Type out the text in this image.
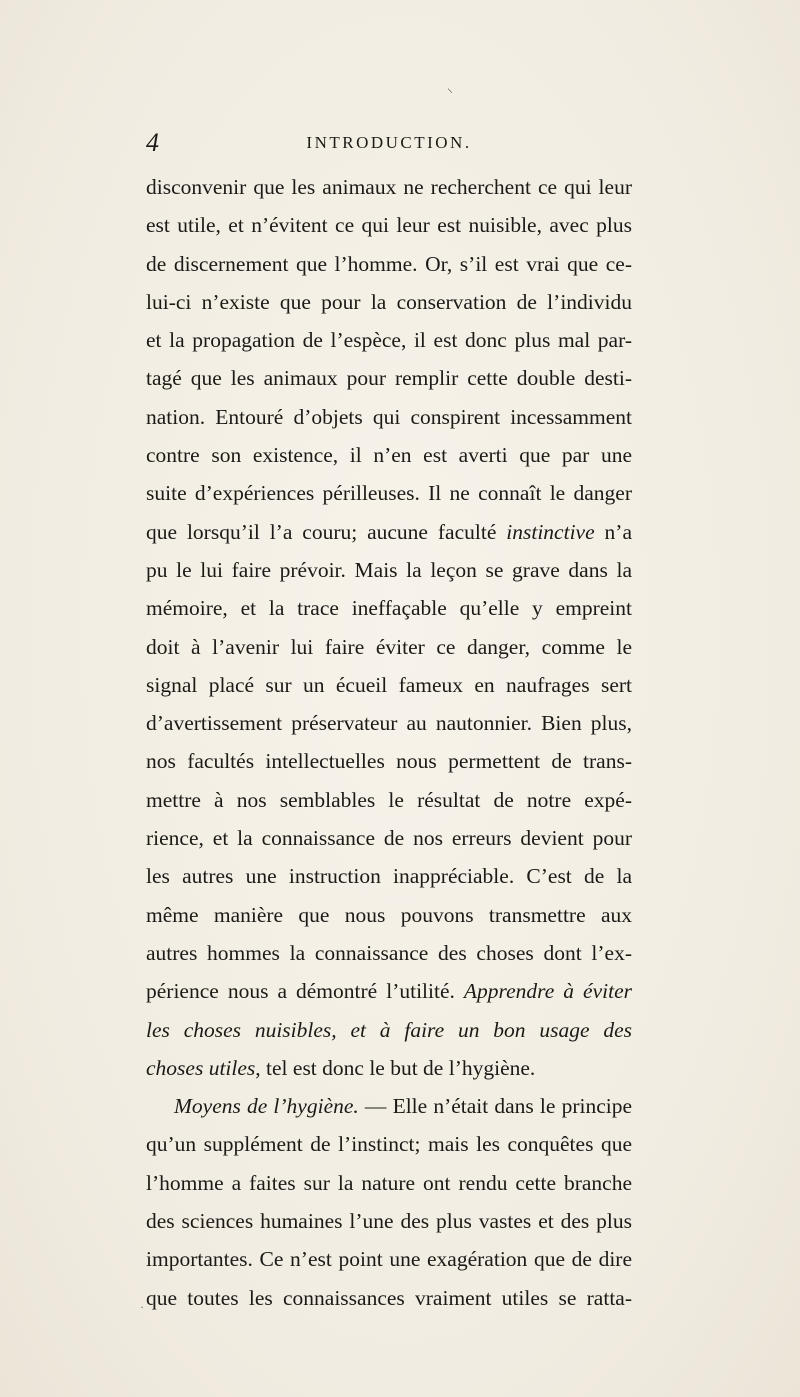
4	INTRODUCTION.
disconvenir que les animaux ne recherchent ce qui leur
est utile, et n’évitent ce qui leur est nuisible, avec plus
de discernement que l’homme. Or, s’il est vrai que ce-
lui-ci n’existe que pour la conservation de l’individu
et la propagation de l’espèce, il est donc plus mal par-
tagé que les animaux pour remplir cette double desti-
nation. Entouré d’objets qui conspirent incessamment
contre son existence, il n’en est averti que par une
suite d’expériences périlleuses. Il ne connaît le danger
que lorsqu’il l’a couru; aucune faculté instinctive n’a
pu le lui faire prévoir. Mais la leçon se grave dans la
mémoire, et la trace ineffaçable qu’elle y empreint
doit à l’avenir lui faire éviter ce danger, comme le
signal placé sur un écueil fameux en naufrages sert
d’avertissement préservateur au nautonnier. Bien plus,
nos facultés intellectuelles nous permettent de trans-
mettre à nos semblables le résultat de notre expé-
rience, et la connaissance de nos erreurs devient pour
les autres une instruction inappréciable. C’est de la
même manière que nous pouvons transmettre aux
autres hommes la connaissance des choses dont l’ex-
périence nous a démontré l’utilité. Apprendre à éviter
les choses nuisibles, et à faire un bon usage des
choses utiles, tel est donc le but de l’hygiène.
Moyens de l’hygiène. — Elle n’était dans le principe
qu’un supplément de l’instinct; mais les conquêtes que
l’homme a faites sur la nature ont rendu cette branche
des sciences humaines l’une des plus vastes et des plus
importantes. Ce n’est point une exagération que de dire
que toutes les connaissances vraiment utiles se ratta-
⸌
·
